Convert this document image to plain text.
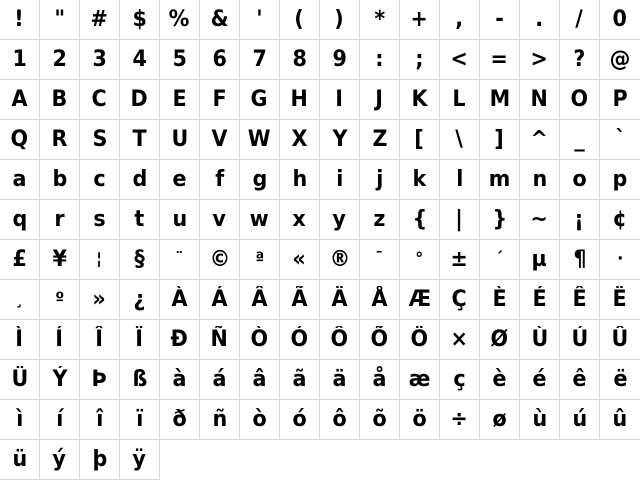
! " # $ % & ' ( ) * + , - . / 0
1 2 3 4 5 6 7 8 9 : ; < = > ? @
A B C D E F G H I J K L M N O P
Q R S T U V W X Y Z [ \ ] ^ _ `
a b c d e f g h i j k l m n o p
q r s t u v w x y z { | } ~ ¡ ¢
£ ¥ ¦ § ¨ © ª « ® ¯ ° ± ´ µ ¶ ·
¸ º » ¿ À Á Â Ã Ä Å Æ Ç È É Ê Ë
Ì Í Î Ï Ð Ñ Ò Ó Ô Õ Ö × Ø Ù Ú Û
Ü Ý Þ ß à á â ã ä å æ ç è é ê ë
ì í î ï ð ñ ò ó ô õ ö ÷ ø ù ú û
ü ý þ ÿ
